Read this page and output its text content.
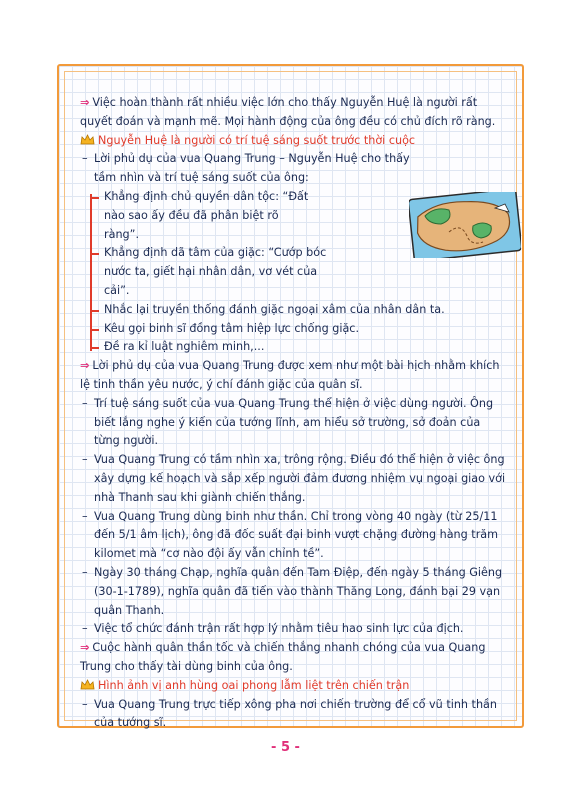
⇒ Việc hoàn thành rất nhiều việc lớn cho thấy Nguyễn Huệ là người rất quyết đoán và mạnh mẽ. Mọi hành động của ông đều có chủ đích rõ ràng.

Nguyễn Huệ là người có trí tuệ sáng suốt trước thời cuộc

– Lời phủ dụ của vua Quang Trung – Nguyễn Huệ cho thấy tầm nhìn và trí tuệ sáng suốt của ông:

Khẳng định chủ quyền dân tộc: “Đất nào sao ấy đều đã phân biệt rõ ràng”.
Khẳng định dã tâm của giặc: “Cướp bóc nước ta, giết hại nhân dân, vơ vét của cải”.
Nhắc lại truyền thống đánh giặc ngoại xâm của nhân dân ta.
Kêu gọi binh sĩ đồng tâm hiệp lực chống giặc.
Đề ra kỉ luật nghiêm minh,...

⇒ Lời phủ dụ của vua Quang Trung được xem như một bài hịch nhằm khích lệ tinh thần yêu nước, ý chí đánh giặc của quân sĩ.

– Trí tuệ sáng suốt của vua Quang Trung thể hiện ở việc dùng người. Ông biết lắng nghe ý kiến của tướng lĩnh, am hiểu sở trường, sở đoản của từng người.

– Vua Quang Trung có tầm nhìn xa, trông rộng. Điều đó thể hiện ở việc ông xây dựng kế hoạch và sắp xếp người đảm đương nhiệm vụ ngoại giao với nhà Thanh sau khi giành chiến thắng.

– Vua Quang Trung dùng binh như thần. Chỉ trong vòng 40 ngày (từ 25/11 đến 5/1 âm lịch), ông đã đốc suất đại binh vượt chặng đường hàng trăm kilomet mà “cơ nào đội ấy vẫn chỉnh tề”.

– Ngày 30 tháng Chạp, nghĩa quân đến Tam Điệp, đến ngày 5 tháng Giêng (30-1-1789), nghĩa quân đã tiến vào thành Thăng Long, đánh bại 29 vạn quân Thanh.

– Việc tổ chức đánh trận rất hợp lý nhằm tiêu hao sinh lực của địch.

⇒ Cuộc hành quân thần tốc và chiến thắng nhanh chóng của vua Quang Trung cho thấy tài dùng binh của ông.

Hình ảnh vị anh hùng oai phong lẫm liệt trên chiến trận

– Vua Quang Trung trực tiếp xông pha nơi chiến trường để cổ vũ tinh thần của tướng sĩ.

- 5 -
